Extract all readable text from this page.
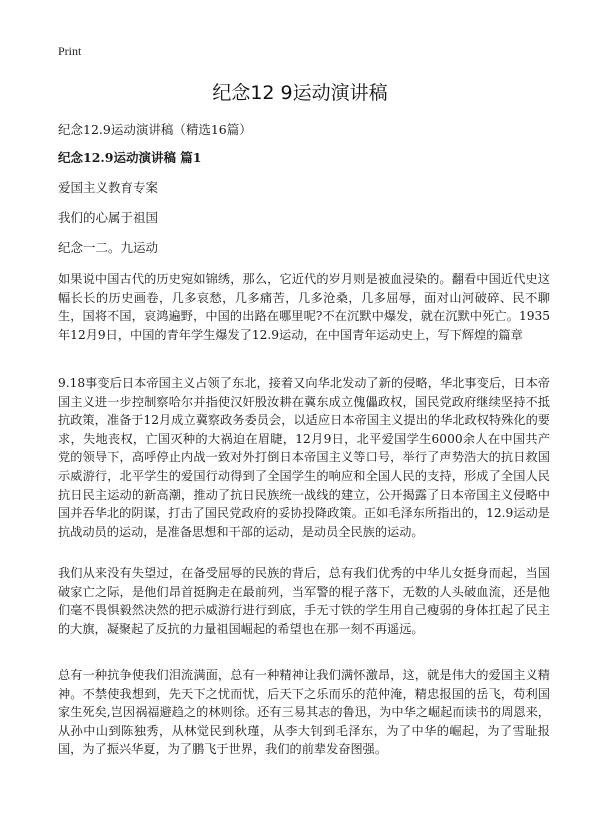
Print
纪念12 9运动演讲稿
纪念12.9运动演讲稿（精选16篇）
纪念12.9运动演讲稿 篇1
爱国主义教育专案
我们的心属于祖国
纪念一二。九运动

如果说中国古代的历史宛如锦绣，那么，它近代的岁月则是被血浸染的。翻看中国近代史这幅长长的历史画卷，几多哀愁，几多痛苦，几多沧桑，几多屈辱，面对山河破碎、民不聊生，国将不国，哀鸿遍野，中国的出路在哪里呢?不在沉默中爆发，就在沉默中死亡。1935年12月9日，中国的青年学生爆发了12.9运动，在中国青年运动史上，写下辉煌的篇章

9.18事变后日本帝国主义占领了东北，接着又向华北发动了新的侵略，华北事变后，日本帝国主义进一步控制察哈尔并指使汉奸殷汝耕在冀东成立傀儡政权，国民党政府继续坚持不抵抗政策，准备于12月成立冀察政务委员会，以适应日本帝国主义提出的华北政权特殊化的要求，失地丧权，亡国灭种的大祸迫在眉睫，12月9日，北平爱国学生6000余人在中国共产党的领导下，高呼停止内战一致对外打倒日本帝国主义等口号，举行了声势浩大的抗日救国示威游行，北平学生的爱国行动得到了全国学生的响应和全国人民的支持，形成了全国人民抗日民主运动的新高潮，推动了抗日民族统一战线的建立，公开揭露了日本帝国主义侵略中国并吞华北的阴谋，打击了国民党政府的妥协投降政策。正如毛泽东所指出的，12.9运动是抗战动员的运动，是准备思想和干部的运动，是动员全民族的运动。

我们从来没有失望过，在备受屈辱的民族的背后，总有我们优秀的中华儿女挺身而起，当国破家亡之际，是他们昂首挺胸走在最前列，当军警的棍子落下，无数的人头破血流，还是他们毫不畏惧毅然决然的把示威游行进行到底，手无寸铁的学生用自己瘦弱的身体扛起了民主的大旗，凝聚起了反抗的力量祖国崛起的希望也在那一刻不再遥远。

总有一种抗争使我们泪流满面，总有一种精神让我们满怀激昂，这，就是伟大的爱国主义精神。不禁使我想到，先天下之忧而忧，后天下之乐而乐的范仲淹，精忠报国的岳飞，苟利国家生死矣,岂因祸福避趋之的林则徐。还有三易其志的鲁迅，为中华之崛起而读书的周恩来，从孙中山到陈独秀，从林觉民到秋瑾，从李大钊到毛泽东，为了中华的崛起，为了雪耻报国，为了振兴华夏，为了鹏飞于世界，我们的前辈发奋图强。
